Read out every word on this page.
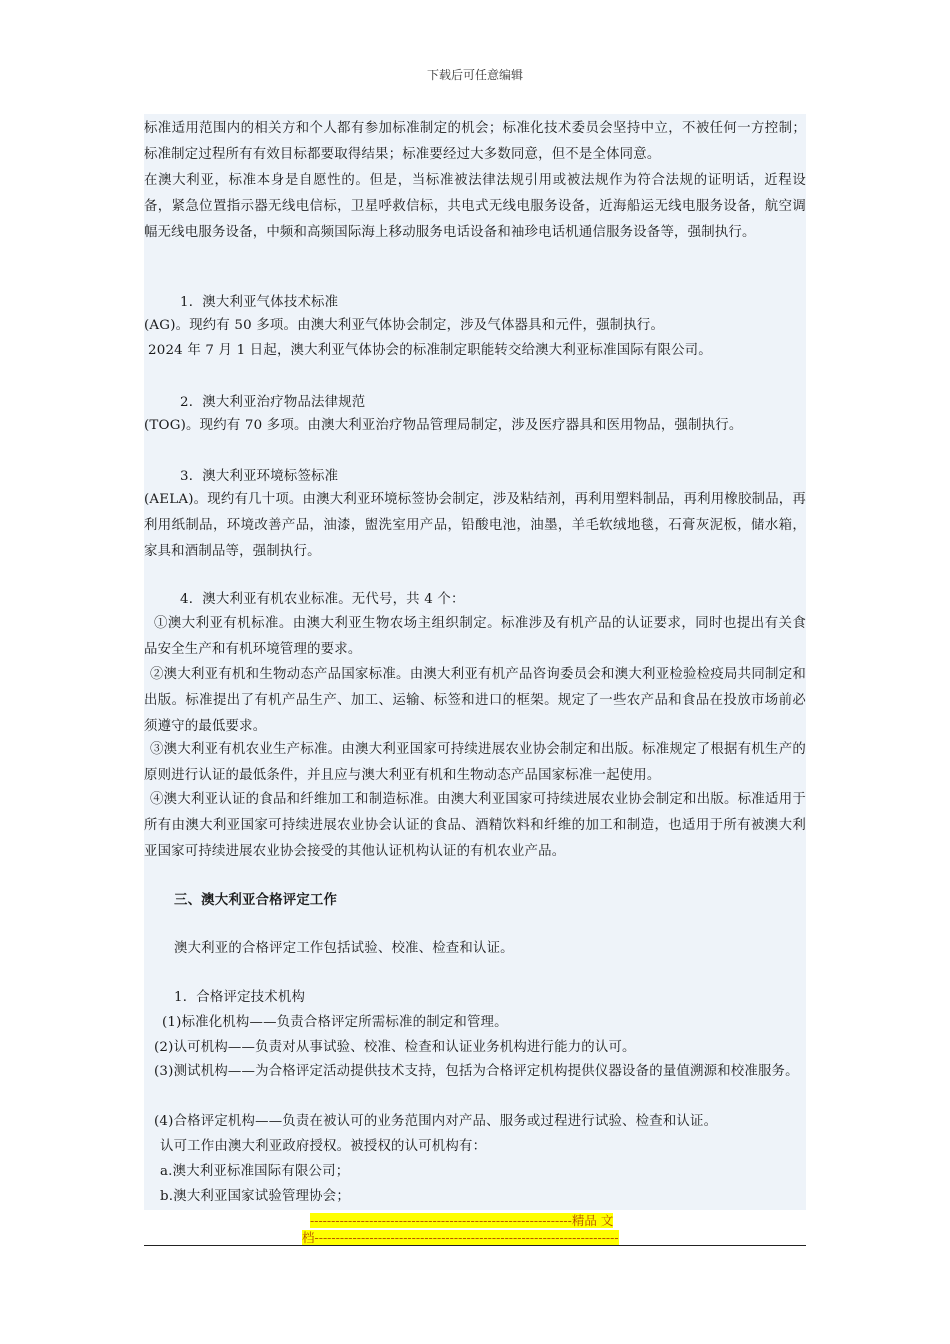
下载后可任意编辑

标准适用范围内的相关方和个人都有参加标准制定的机会；标准化技术委员会坚持中立，不被任何一方控制；标准制定过程所有有效目标都要取得结果；标准要经过大多数同意，但不是全体同意。

在澳大利亚，标准本身是自愿性的。但是，当标准被法律法规引用或被法规作为符合法规的证明话，近程设备，紧急位置指示器无线电信标，卫星呼救信标，共电式无线电服务设备，近海船运无线电服务设备，航空调幅无线电服务设备，中频和高频国际海上移动服务电话设备和袖珍电话机通信服务设备等，强制执行。

1．澳大利亚气体技术标准

(AG)。现约有 50 多项。由澳大利亚气体协会制定，涉及气体器具和元件，强制执行。

2024 年 7 月 1 日起，澳大利亚气体协会的标准制定职能转交给澳大利亚标准国际有限公司。

2．澳大利亚治疗物品法律规范

(TOG)。现约有 70 多项。由澳大利亚治疗物品管理局制定，涉及医疗器具和医用物品，强制执行。

3．澳大利亚环境标签标准

(AELA)。现约有几十项。由澳大利亚环境标签协会制定，涉及粘结剂，再利用塑料制品，再利用橡胶制品，再利用纸制品，环境改善产品，油漆，盥洗室用产品，铅酸电池，油墨，羊毛软绒地毯，石膏灰泥板，储水箱，家具和酒制品等，强制执行。

4．澳大利亚有机农业标准。无代号，共 4 个：

①澳大利亚有机标准。由澳大利亚生物农场主组织制定。标准涉及有机产品的认证要求，同时也提出有关食品安全生产和有机环境管理的要求。

②澳大利亚有机和生物动态产品国家标准。由澳大利亚有机产品咨询委员会和澳大利亚检验检疫局共同制定和出版。标准提出了有机产品生产、加工、运输、标签和进口的框架。规定了一些农产品和食品在投放市场前必须遵守的最低要求。

③澳大利亚有机农业生产标准。由澳大利亚国家可持续进展农业协会制定和出版。标准规定了根据有机生产的原则进行认证的最低条件，并且应与澳大利亚有机和生物动态产品国家标准一起使用。

④澳大利亚认证的食品和纤维加工和制造标准。由澳大利亚国家可持续进展农业协会制定和出版。标准适用于所有由澳大利亚国家可持续进展农业协会认证的食品、酒精饮料和纤维的加工和制造，也适用于所有被澳大利亚国家可持续进展农业协会接受的其他认证机构认证的有机农业产品。

三、澳大利亚合格评定工作

澳大利亚的合格评定工作包括试验、校准、检查和认证。

1．合格评定技术机构

(1)标准化机构——负责合格评定所需标准的制定和管理。

(2)认可机构——负责对从事试验、校准、检查和认证业务机构进行能力的认可。

(3)测试机构——为合格评定活动提供技术支持，包括为合格评定机构提供仪器设备的量值溯源和校准服务。

(4)合格评定机构——负责在被认可的业务范围内对产品、服务或过程进行试验、检查和认证。

认可工作由澳大利亚政府授权。被授权的认可机构有：

a.澳大利亚标准国际有限公司；

b.澳大利亚国家试验管理协会；

--------------------------------------------------------------精品 文
档------------------------------------------------------------------------
